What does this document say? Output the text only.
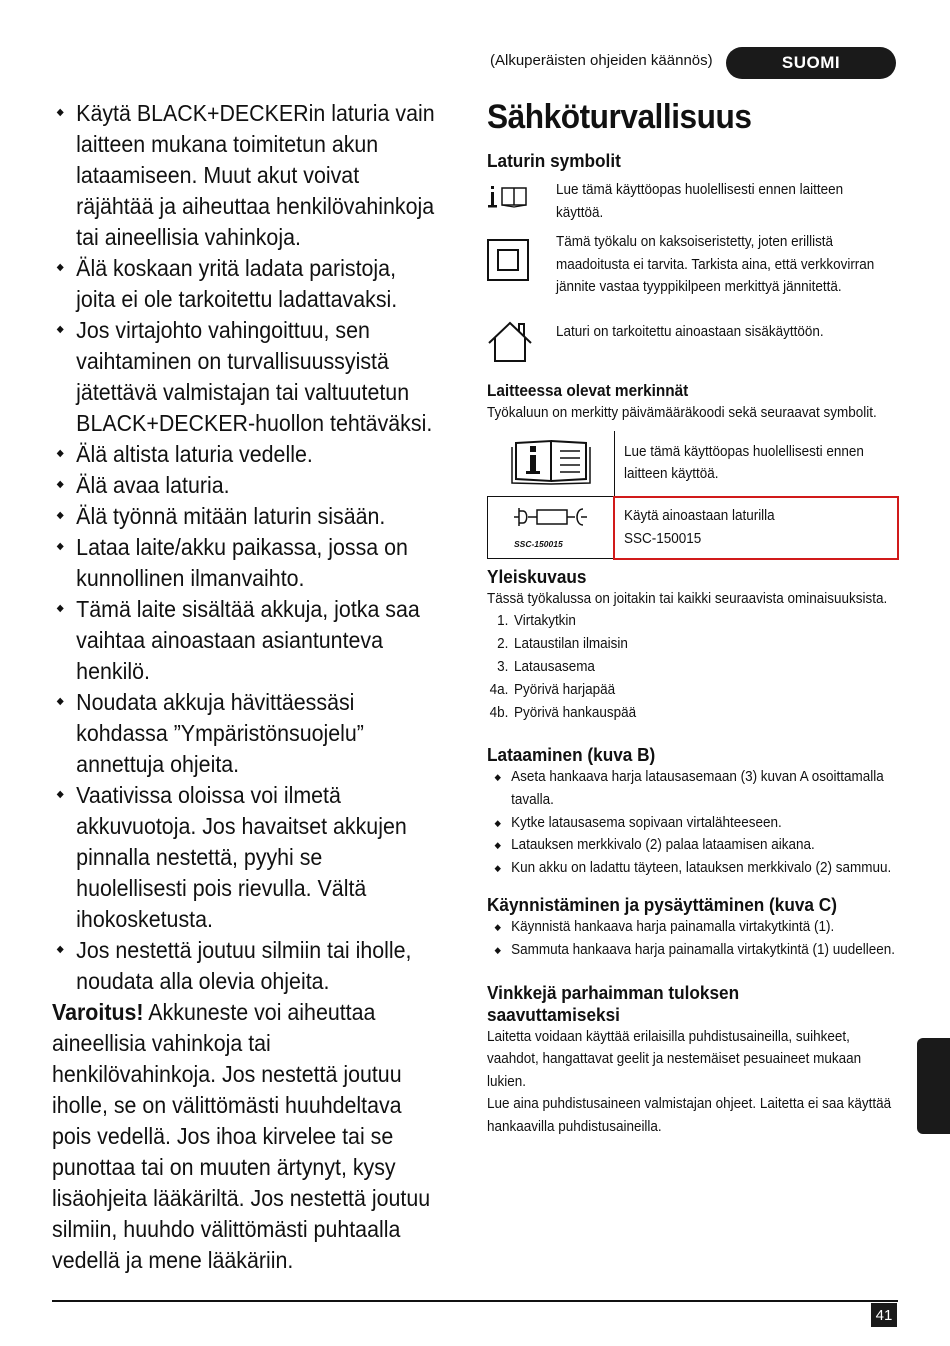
(Alkuperäisten ohjeiden käännös)	SUOMI
◆ Käytä BLACK+DECKERin laturia vain laitteen mukana toimitetun akun lataamiseen. Muut akut voivat räjähtää ja aiheuttaa henkilövahinkoja tai aineellisia vahinkoja.
◆ Älä koskaan yritä ladata paristoja, joita ei ole tarkoitettu ladattavaksi.
◆ Jos virtajohto vahingoittuu, sen vaihtaminen on turvallisuussyistä jätettävä valmistajan tai valtuutetun BLACK+DECKER-huollon tehtäväksi.
◆ Älä altista laturia vedelle.
◆ Älä avaa laturia.
◆ Älä työnnä mitään laturin sisään.
◆ Lataa laite/akku paikassa, jossa on kunnollinen ilmanvaihto.
◆ Tämä laite sisältää akkuja, jotka saa vaihtaa ainoastaan asiantunteva henkilö.
◆ Noudata akkuja hävittäessäsi kohdassa ”Ympäristönsuojelu” annettuja ohjeita.
◆ Vaativissa oloissa voi ilmetä akkuvuotoja. Jos havaitset akkujen pinnalla nestettä, pyyhi se huolellisesti pois rievulla. Vältä ihokosketusta.
◆ Jos nestettä joutuu silmiin tai iholle, noudata alla olevia ohjeita.
Varoitus! Akkuneste voi aiheuttaa aineellisia vahinkoja tai henkilövahinkoja. Jos nestettä joutuu iholle, se on välittömästi huuhdeltava pois vedellä. Jos ihoa kirvelee tai se punottaa tai on muuten ärtynyt, kysy lisäohjeita lääkäriltä. Jos nestettä joutuu silmiin, huuhdo välittömästi puhtaalla vedellä ja mene lääkäriin.
Sähköturvallisuus
Laturin symbolit
Lue tämä käyttöopas huolellisesti ennen laitteen käyttöä.
Tämä työkalu on kaksoiseristetty, joten erillistä maadoitusta ei tarvita. Tarkista aina, että verkkovirran jännite vastaa tyyppikilpeen merkittyä jännitettä.
Laturi on tarkoitettu ainoastaan sisäkäyttöön.
Laitteessa olevat merkinnät
Työkaluun on merkitty päivämääräkoodi sekä seuraavat symbolit.

Lue tämä käyttöopas huolellisesti ennen laitteen käyttöä.

SSC-150015	Käytä ainoastaan laturilla
SSC-150015
Yleiskuvaus
Tässä työkalussa on joitakin tai kaikki seuraavista ominaisuuksista.
1. Virtakytkin
2. Lataustilan ilmaisin
3. Latausasema
4a. Pyörivä harjapää
4b. Pyörivä hankauspää
Lataaminen (kuva B)
◆ Aseta hankaava harja latausasemaan (3) kuvan A osoittamalla tavalla.
◆ Kytke latausasema sopivaan virtalähteeseen.
◆ Latauksen merkkivalo (2) palaa lataamisen aikana.
◆ Kun akku on ladattu täyteen, latauksen merkkivalo (2) sammuu.
Käynnistäminen ja pysäyttäminen (kuva C)
◆ Käynnistä hankaava harja painamalla virtakytkintä (1).
◆ Sammuta hankaava harja painamalla virtakytkintä (1) uudelleen.
Vinkkejä parhaimman tuloksen saavuttamiseksi
Laitetta voidaan käyttää erilaisilla puhdistusaineilla, suihkeet, vaahdot, hangattavat geelit ja nestemäiset pesuaineet mukaan lukien.
Lue aina puhdistusaineen valmistajan ohjeet. Laitetta ei saa käyttää hankaavilla puhdistusaineilla.
41
